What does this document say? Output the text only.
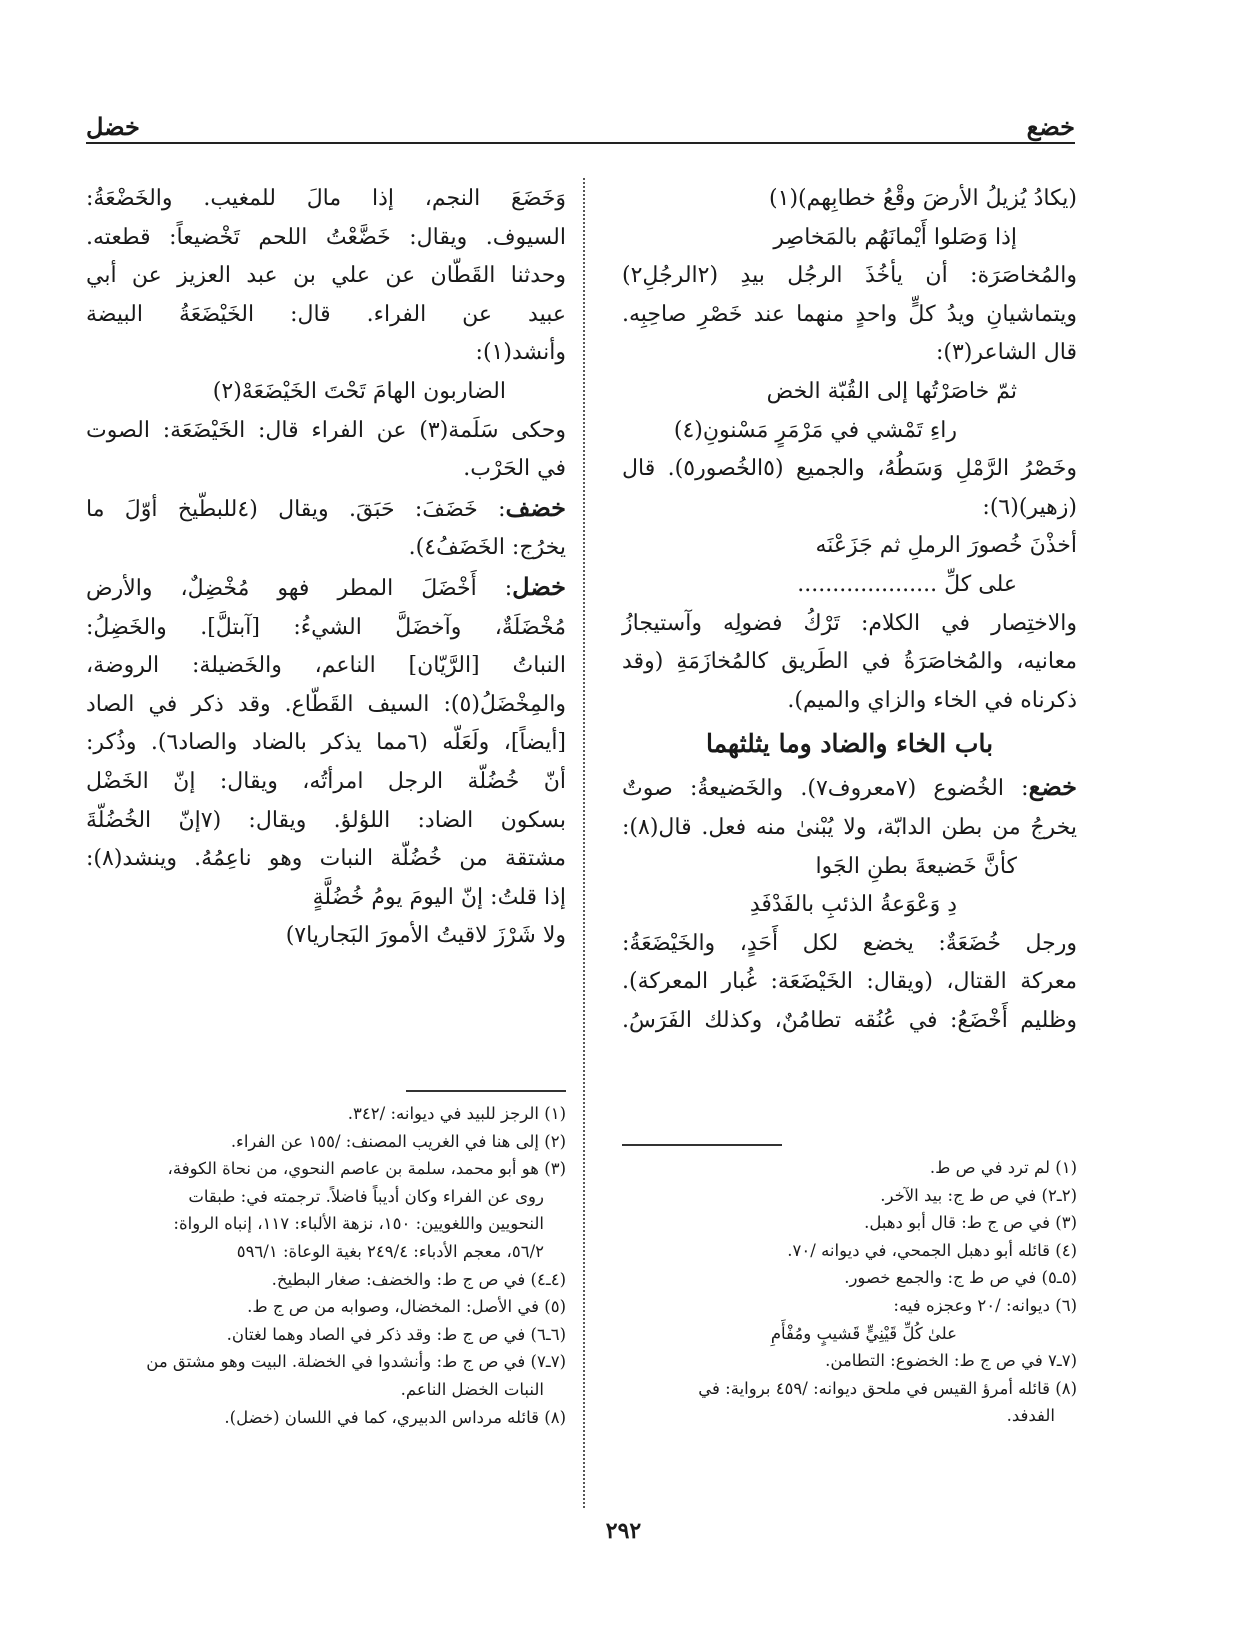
خضع
خضل
(يكادُ يُزيلُ الأرضَ وقْعُ خطابِهم)(١)
إذا وَصَلوا أَيْمانَهُم بالمَخاصِر
والمُخاصَرَة: أن يأخُذَ الرجُل بيدِ (٢الرجُلِ٢)
ويتماشيانِ ويدُ كلٍّ واحدٍ منهما عند خَصْرِ صاحِبِه.
قال الشاعر(٣):
ثمّ خاصَرْتُها إلى القُبّة الخض
راءِ تَمْشي في مَرْمَرٍ مَسْنونِ(٤)
وخَصْرُ الرَّمْلِ وَسَطُهُ، والجميع (٥الخُصور٥). قال
(زهير)(٦):
أخذْنَ خُصورَ الرملِ ثم جَزَعْنَه
على كلِّ ....................
والاختِصار في الكلام: تَرْكُ فضولِه وآستيجازُ
معانيه، والمُخاصَرَةُ في الطَريق كالمُخازَمَةِ (وقد
ذكرناه في الخاء والزاي والميم).
باب الخاء والضاد وما يثلثهما
خضع: الخُضوع (٧معروف٧). والخَضيعةُ: صوتٌ
يخرجُ من بطن الدابّة، ولا يُبْنىٰ منه فعل. قال(٨):
كأنَّ خَضيعةَ بطنِ الجَوا
دِ وَعْوَعةُ الذئبِ بالفَدْفَدِ
ورجل خُضَعَةٌ: يخضع لكل أَحَدٍ، والخَيْضَعَةُ:
معركة القتال، (ويقال: الخَيْضَعَة: غُبار المعركة).
وظليم أَخْضَعُ: في عُنُقه تطامُنٌ، وكذلك الفَرَسُ.
وَخَضَعَ النجم، إذا مالَ للمغيب. والخَضْعَةُ:
السيوف. ويقال: خَضَّعْتُ اللحم تَخْضيعاً: قطعته.
وحدثنا القَطّان عن علي بن عبد العزيز عن أبي
عبيد عن الفراء. قال: الخَيْضَعَةُ البيضة
وأنشد(١):
الضاربون الهامَ تَحْتَ الخَيْضَعَهْ(٢)
وحكى سَلَمة(٣) عن الفراء قال: الخَيْضَعَة: الصوت
في الحَرْب.
خضف: خَضَفَ: حَبَقَ. ويقال (٤للبطّيخ أوّلَ ما
يخرُج: الخَضَفُ٤).
خضل: أَخْضَلَ المطر فهو مُخْضِلٌ، والأرض
مُخْضَلَةٌ، وآخضَلَّ الشيءُ: [آبتلَّ]. والخَضِلُ:
النباتُ [الرَّيّان] الناعم، والخَضيلة: الروضة،
والمِخْضَلُ(٥): السيف القَطّاع. وقد ذكر في الصاد
[أيضاً]، ولَعَلّه (٦مما يذكر بالضاد والصاد٦). وذُكر:
أنّ خُضُلّة الرجل امرأتُه، ويقال: إنّ الخَضْل
بسكون الضاد: اللؤلؤ. ويقال: (٧إنّ الخُضُلّةَ
مشتقة من خُضُلّة النبات وهو ناعِمُهُ. وينشد(٨):
إذا قلتُ: إنّ اليومَ يومُ خُضُلَّةٍ
ولا شَرْزَ لاقيتُ الأمورَ البَجاريا٧)
(١) الرجز للبيد في ديوانه: /٣٤٢.
(٢) إلى هنا في الغريب المصنف: /١٥٥ عن الفراء.
(٣) هو أبو محمد، سلمة بن عاصم النحوي، من نحاة الكوفة،
روى عن الفراء وكان أديباً فاضلاً. ترجمته في: طبقات
النحويين واللغويين: ١٥٠، نزهة الألباء: ١١٧، إنباه الرواة:
٥٦/٢، معجم الأدباء: ٢٤٩/٤ بغية الوعاة: ٥٩٦/١
(٤ـ٤) في ص ج ط: والخضف: صغار البطيخ.
(٥) في الأصل: المخضال، وصوابه من ص ج ط.
(٦ـ٦) في ص ج ط: وقد ذكر في الصاد وهما لغتان.
(٧ـ٧) في ص ج ط: وأنشدوا في الخضلة. البيت وهو مشتق من
النبات الخضل الناعم.
(٨) قائله مرداس الدبيري، كما في اللسان (خضل).
(١) لم ترد في ص ط.
(٢ـ٢) في ص ط ج: بيد الآخر.
(٣) في ص ج ط: قال أبو دهبل.
(٤) قائله أبو دهبل الجمحي، في ديوانه /٧٠.
(٥ـ٥) في ص ط ج: والجمع خصور.
(٦) ديوانه: /٢٠ وعجزه فيه:
علىٰ كُلِّ قَيْنِيٍّ قَشيبٍ ومُفْأَمِ
(٧ـ٧ في ص ج ط: الخضوع: التطامن.
(٨) قائله أمرؤ القيس في ملحق ديوانه: /٤٥٩ برواية: في
الفدفد.
٢٩٢
